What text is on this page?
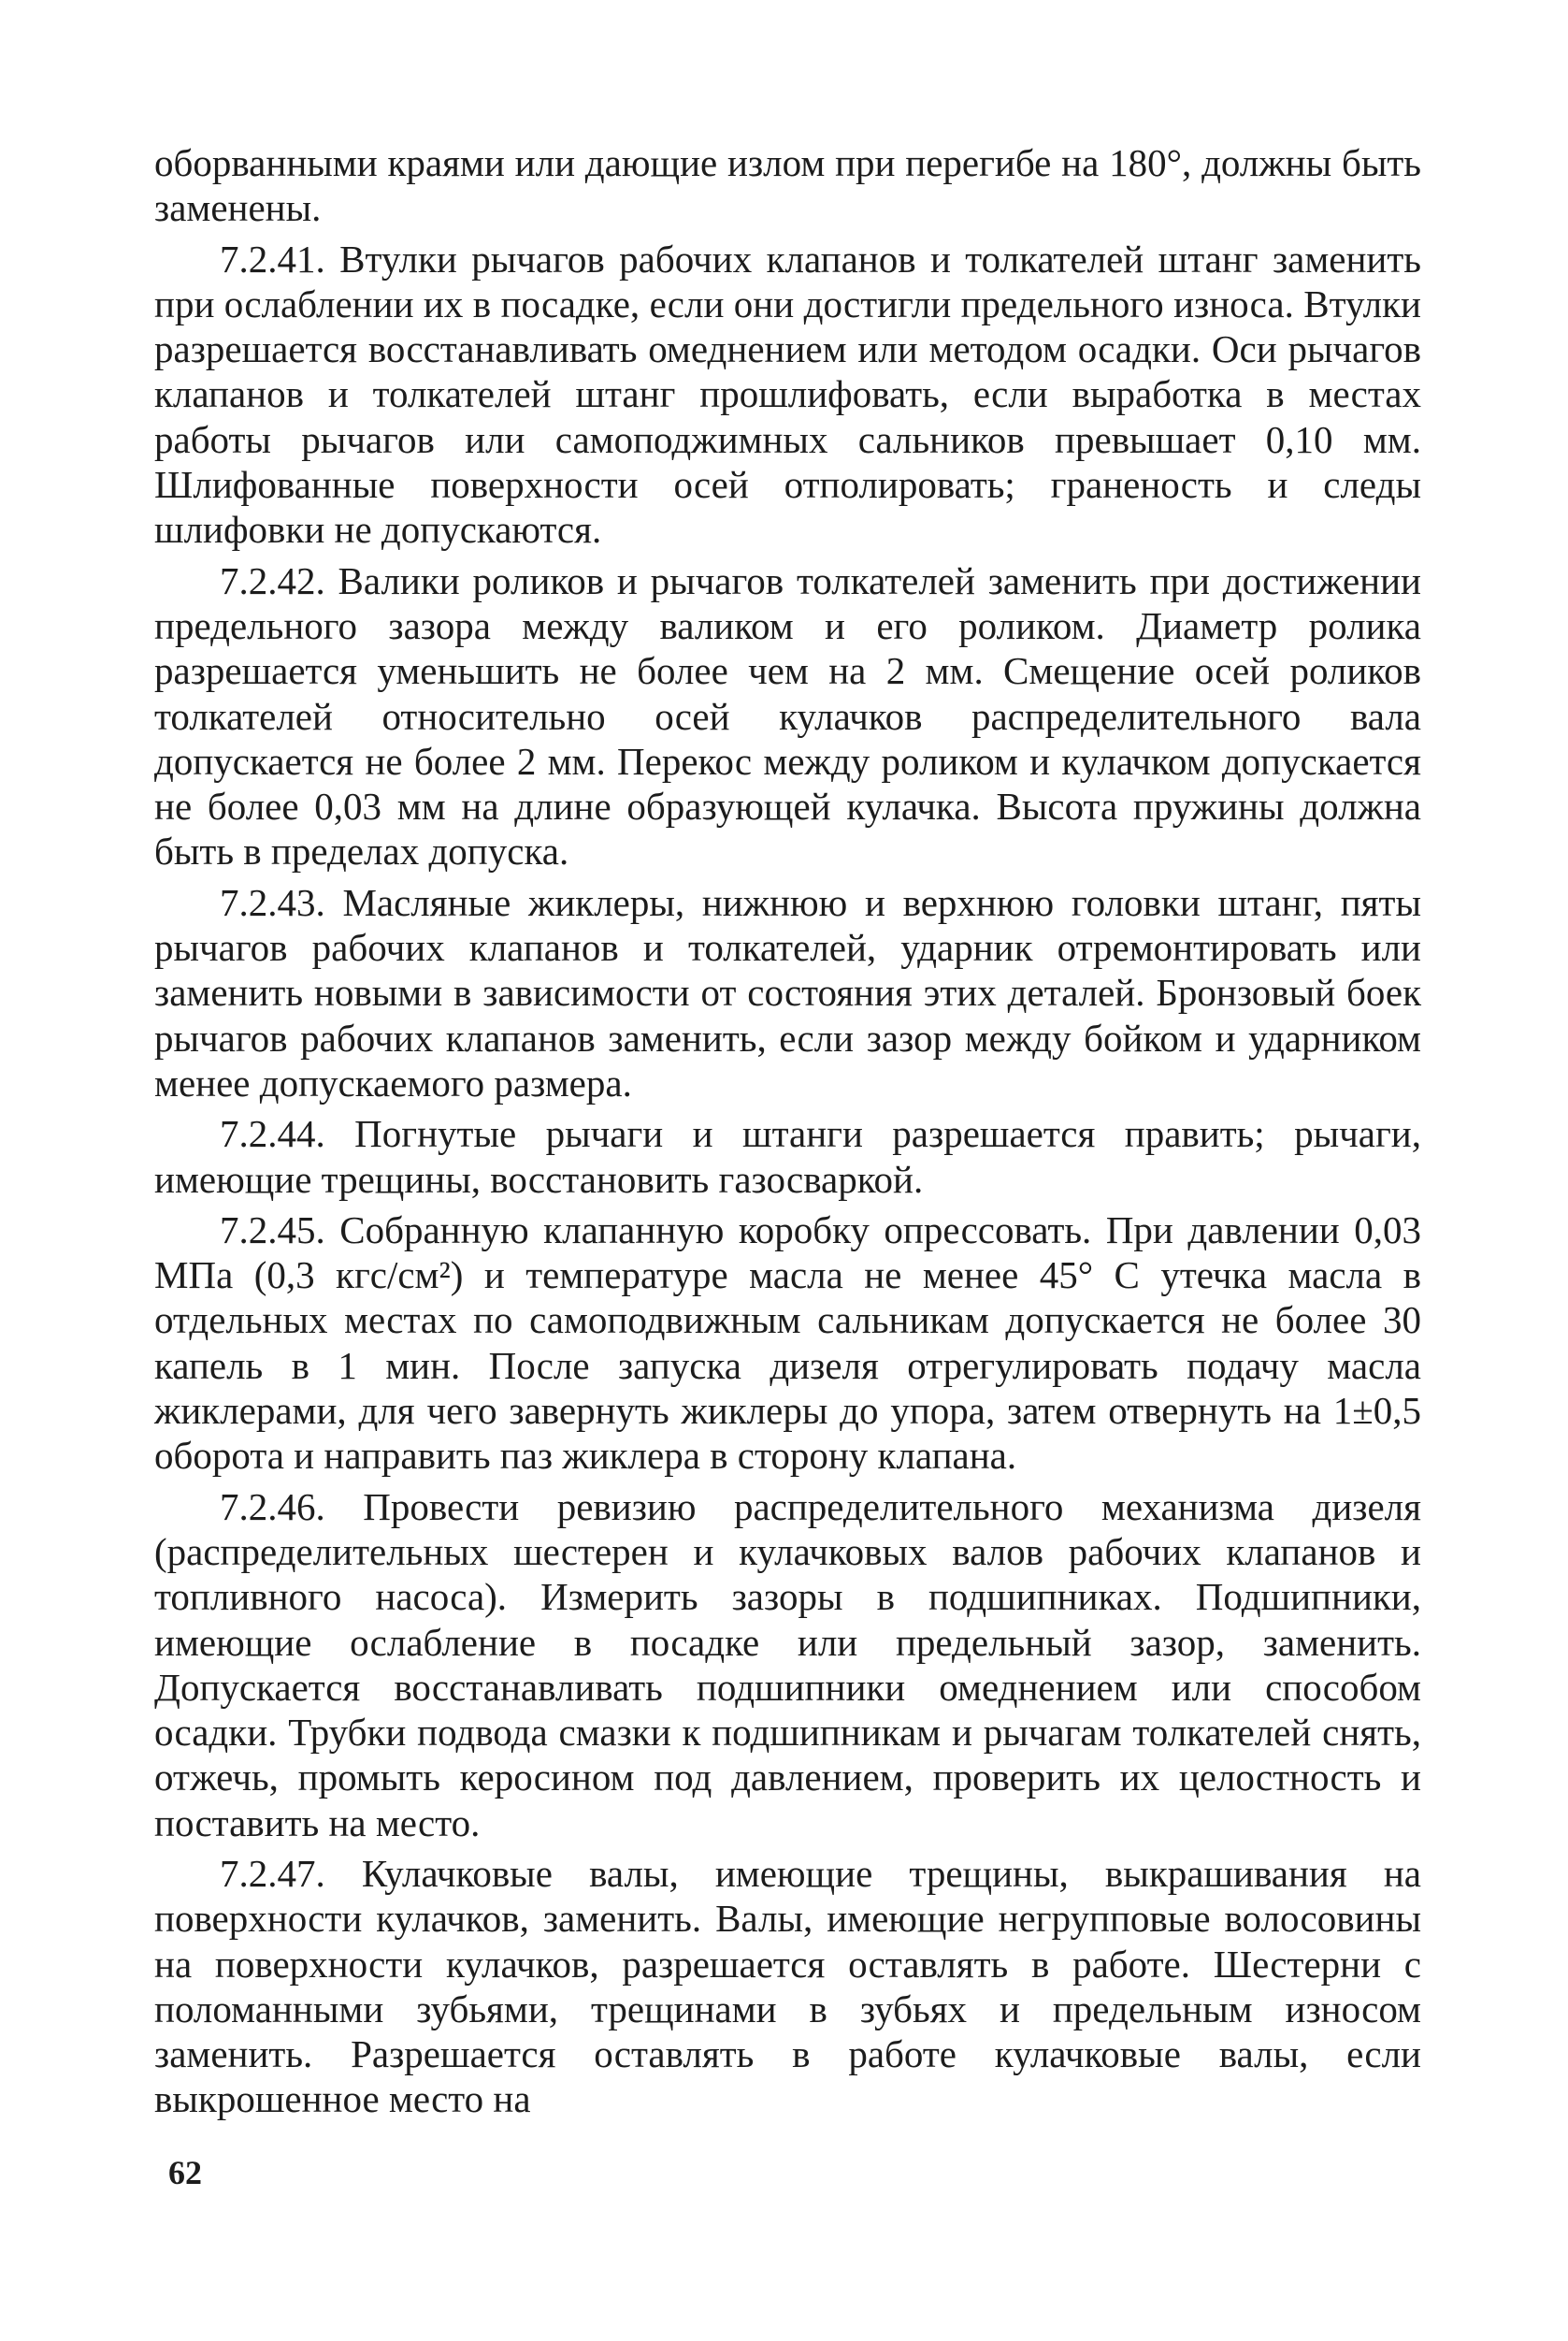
оборванными краями или дающие излом при перегибе на 180°, должны быть заменены.

7.2.41. Втулки рычагов рабочих клапанов и толкателей штанг заменить при ослаблении их в посадке, если они достигли предельного износа. Втулки разрешается восстанавливать омеднением или методом осадки. Оси рычагов клапанов и толкателей штанг прошлифовать, если выработка в местах работы рычагов или самоподжимных сальников превышает 0,10 мм. Шлифованные поверхности осей отполировать; граненость и следы шлифовки не допускаются.

7.2.42. Валики роликов и рычагов толкателей заменить при достижении предельного зазора между валиком и его роликом. Диаметр ролика разрешается уменьшить не более чем на 2 мм. Смещение осей роликов толкателей относительно осей кулачков распределительного вала допускается не более 2 мм. Перекос между роликом и кулачком допускается не более 0,03 мм на длине образующей кулачка. Высота пружины должна быть в пределах допуска.

7.2.43. Масляные жиклеры, нижнюю и верхнюю головки штанг, пяты рычагов рабочих клапанов и толкателей, ударник отремонтировать или заменить новыми в зависимости от состояния этих деталей. Бронзовый боек рычагов рабочих клапанов заменить, если зазор между бойком и ударником менее допускаемого размера.

7.2.44. Погнутые рычаги и штанги разрешается править; рычаги, имеющие трещины, восстановить газосваркой.

7.2.45. Собранную клапанную коробку опрессовать. При давлении 0,03 МПа (0,3 кгс/см²) и температуре масла не менее 45° С утечка масла в отдельных местах по самоподвижным сальникам допускается не более 30 капель в 1 мин. После запуска дизеля отрегулировать подачу масла жиклерами, для чего завернуть жиклеры до упора, затем отвернуть на 1±0,5 оборота и направить паз жиклера в сторону клапана.

7.2.46. Провести ревизию распределительного механизма дизеля (распределительных шестерен и кулачковых валов рабочих клапанов и топливного насоса). Измерить зазоры в подшипниках. Подшипники, имеющие ослабление в посадке или предельный зазор, заменить. Допускается восстанавливать подшипники омеднением или способом осадки. Трубки подвода смазки к подшипникам и рычагам толкателей снять, отжечь, промыть керосином под давлением, проверить их целостность и поставить на место.

7.2.47. Кулачковые валы, имеющие трещины, выкрашивания на поверхности кулачков, заменить. Валы, имеющие негрупповые волосовины на поверхности кулачков, разрешается оставлять в работе. Шестерни с поломанными зубьями, трещинами в зубьях и предельным износом заменить. Разрешается оставлять в работе кулачковые валы, если выкрошенное место на

62
